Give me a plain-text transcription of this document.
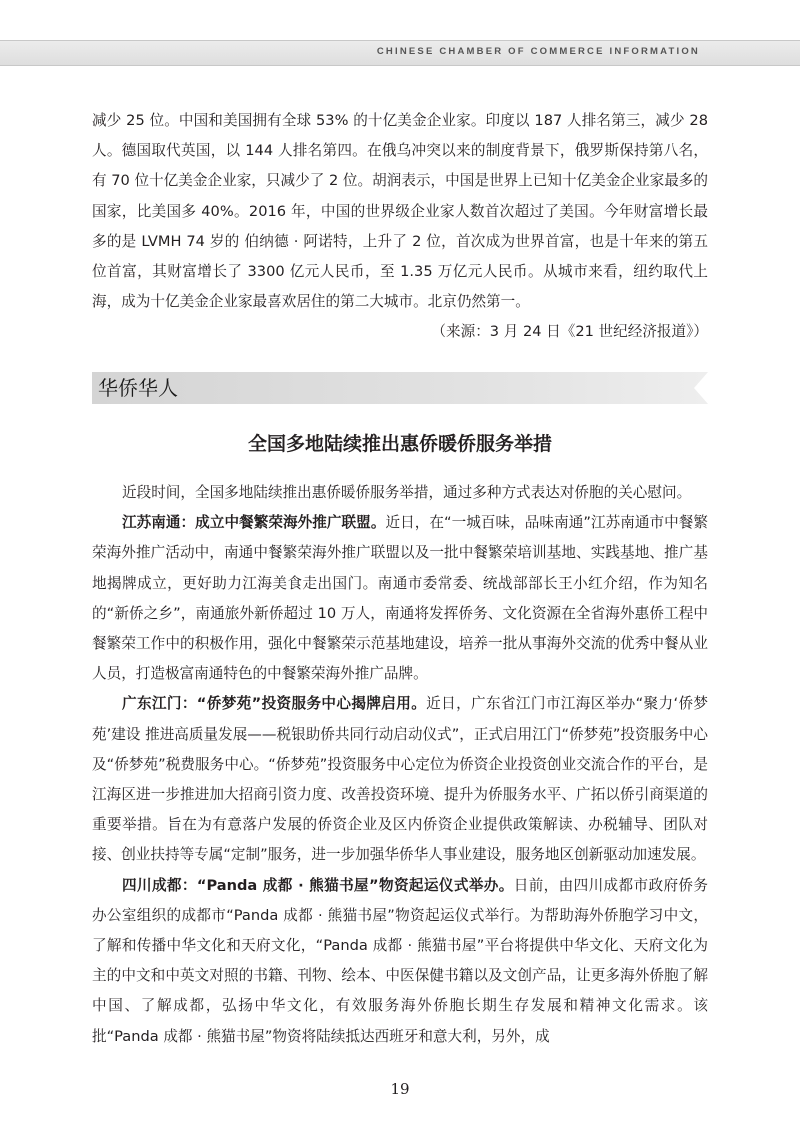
CHINESE CHAMBER OF COMMERCE INFORMATION

减少 25 位。中国和美国拥有全球 53% 的十亿美金企业家。印度以 187 人排名第三，减少 28 人。德国取代英国，以 144 人排名第四。在俄乌冲突以来的制度背景下，俄罗斯保持第八名，有 70 位十亿美金企业家，只减少了 2 位。胡润表示，中国是世界上已知十亿美金企业家最多的国家，比美国多 40%。2016 年，中国的世界级企业家人数首次超过了美国。今年财富增长最多的是 LVMH 74 岁的 伯纳德 · 阿诺特，上升了 2 位，首次成为世界首富，也是十年来的第五位首富，其财富增长了 3300 亿元人民币，至 1.35 万亿元人民币。从城市来看，纽约取代上海，成为十亿美金企业家最喜欢居住的第二大城市。北京仍然第一。

（来源：3 月 24 日《21 世纪经济报道》）

华侨华人
全国多地陆续推出惠侨暖侨服务举措

近段时间，全国多地陆续推出惠侨暖侨服务举措，通过多种方式表达对侨胞的关心慰问。

江苏南通：成立中餐繁荣海外推广联盟。近日，在“一城百味，品味南通”江苏南通市中餐繁荣海外推广活动中，南通中餐繁荣海外推广联盟以及一批中餐繁荣培训基地、实践基地、推广基地揭牌成立，更好助力江海美食走出国门。南通市委常委、统战部部长王小红介绍，作为知名的“新侨之乡”，南通旅外新侨超过 10 万人，南通将发挥侨务、文化资源在全省海外惠侨工程中餐繁荣工作中的积极作用，强化中餐繁荣示范基地建设，培养一批从事海外交流的优秀中餐从业人员，打造极富南通特色的中餐繁荣海外推广品牌。

广东江门：“侨梦苑”投资服务中心揭牌启用。近日，广东省江门市江海区举办“聚力‘侨梦苑’建设 推进高质量发展——税银助侨共同行动启动仪式”，正式启用江门“侨梦苑”投资服务中心及“侨梦苑”税费服务中心。“侨梦苑”投资服务中心定位为侨资企业投资创业交流合作的平台，是江海区进一步推进加大招商引资力度、改善投资环境、提升为侨服务水平、广拓以侨引商渠道的重要举措。旨在为有意落户发展的侨资企业及区内侨资企业提供政策解读、办税辅导、团队对接、创业扶持等专属“定制”服务，进一步加强华侨华人事业建设，服务地区创新驱动加速发展。

四川成都：“Panda 成都 · 熊猫书屋”物资起运仪式举办。日前，由四川成都市政府侨务办公室组织的成都市“Panda 成都 · 熊猫书屋”物资起运仪式举行。为帮助海外侨胞学习中文，了解和传播中华文化和天府文化，“Panda 成都 · 熊猫书屋”平台将提供中华文化、天府文化为主的中文和中英文对照的书籍、刊物、绘本、中医保健书籍以及文创产品，让更多海外侨胞了解中国、了解成都，弘扬中华文化，有效服务海外侨胞长期生存发展和精神文化需求。该批“Panda 成都 · 熊猫书屋”物资将陆续抵达西班牙和意大利，另外，成

19
